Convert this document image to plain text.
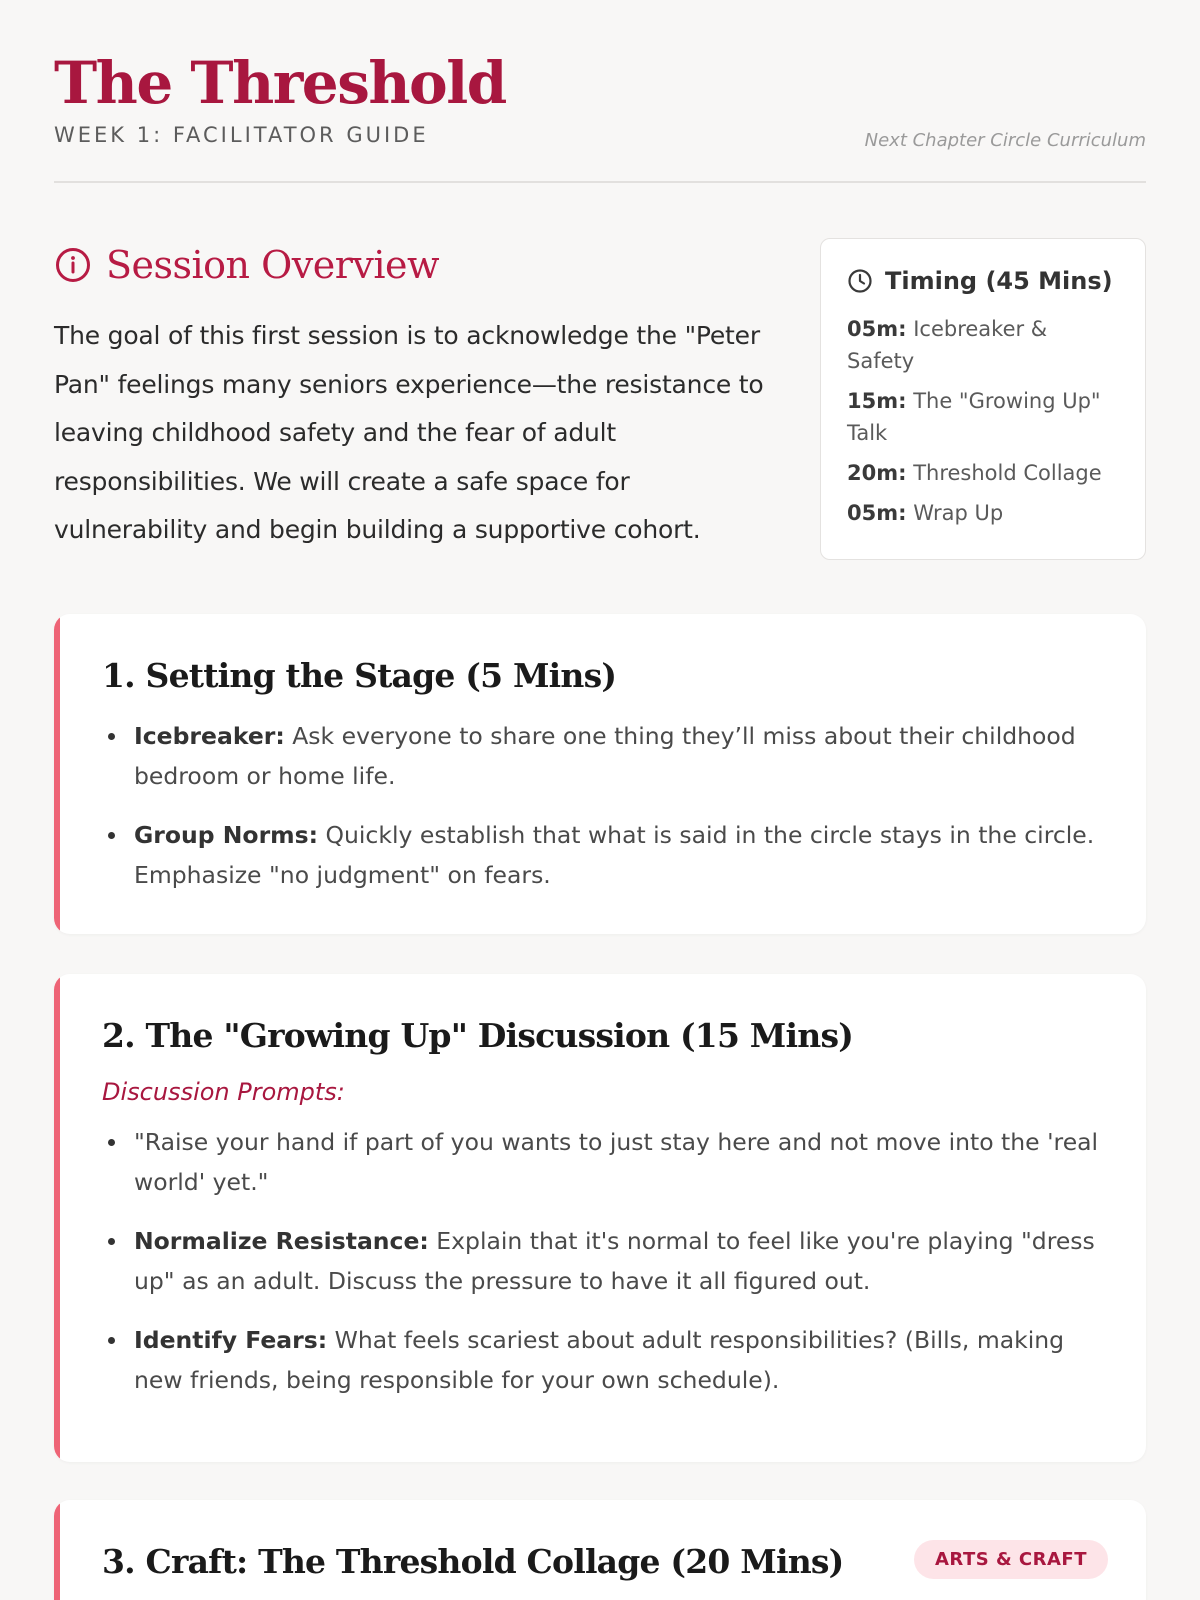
The Threshold
WEEK 1: FACILITATOR GUIDE	Next Chapter Circle Curriculum
Session Overview

The goal of this first session is to acknowledge the "Peter Pan" feelings many seniors experience—the resistance to leaving childhood safety and the fear of adult responsibilities. We will create a safe space for vulnerability and begin building a supportive cohort.

Timing (45 Mins)
05m: Icebreaker & Safety
15m: The "Growing Up" Talk
20m: Threshold Collage
05m: Wrap Up
1. Setting the Stage (5 Mins)
Icebreaker: Ask everyone to share one thing they’ll miss about their childhood bedroom or home life.
Group Norms: Quickly establish that what is said in the circle stays in the circle. Emphasize "no judgment" on fears.
2. The "Growing Up" Discussion (15 Mins)
Discussion Prompts:
"Raise your hand if part of you wants to just stay here and not move into the 'real world' yet."
Normalize Resistance: Explain that it's normal to feel like you're playing "dress up" as an adult. Discuss the pressure to have it all figured out.
Identify Fears: What feels scariest about adult responsibilities? (Bills, making new friends, being responsible for your own schedule).
3. Craft: The Threshold Collage (20 Mins)	ARTS & CRAFT
